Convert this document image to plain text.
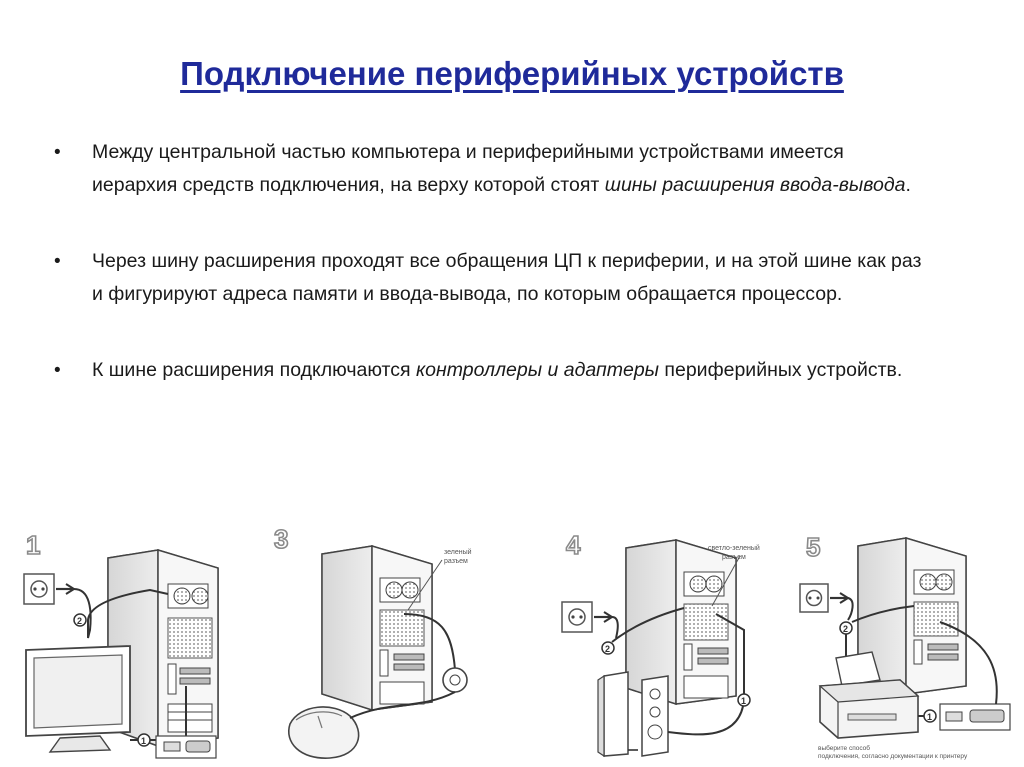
Подключение периферийных устройств
• Между центральной частью компьютера и периферийными устройствами имеется иерархия средств подключения, на верху которой стоят шины расширения ввода-вывода.
• Через шину расширения проходят все обращения ЦП к периферии, и на этой шине как раз и фигурируют адреса памяти и ввода-вывода, по которым обращается процессор.
• К шине расширения подключаются контроллеры и адаптеры периферийных устройств.
1
2
1
3	зеленый
разъем
4	светло-зеленый
разъем
2
1
5
2
1
выберите способ
подключения, согласно документации к принтеру
